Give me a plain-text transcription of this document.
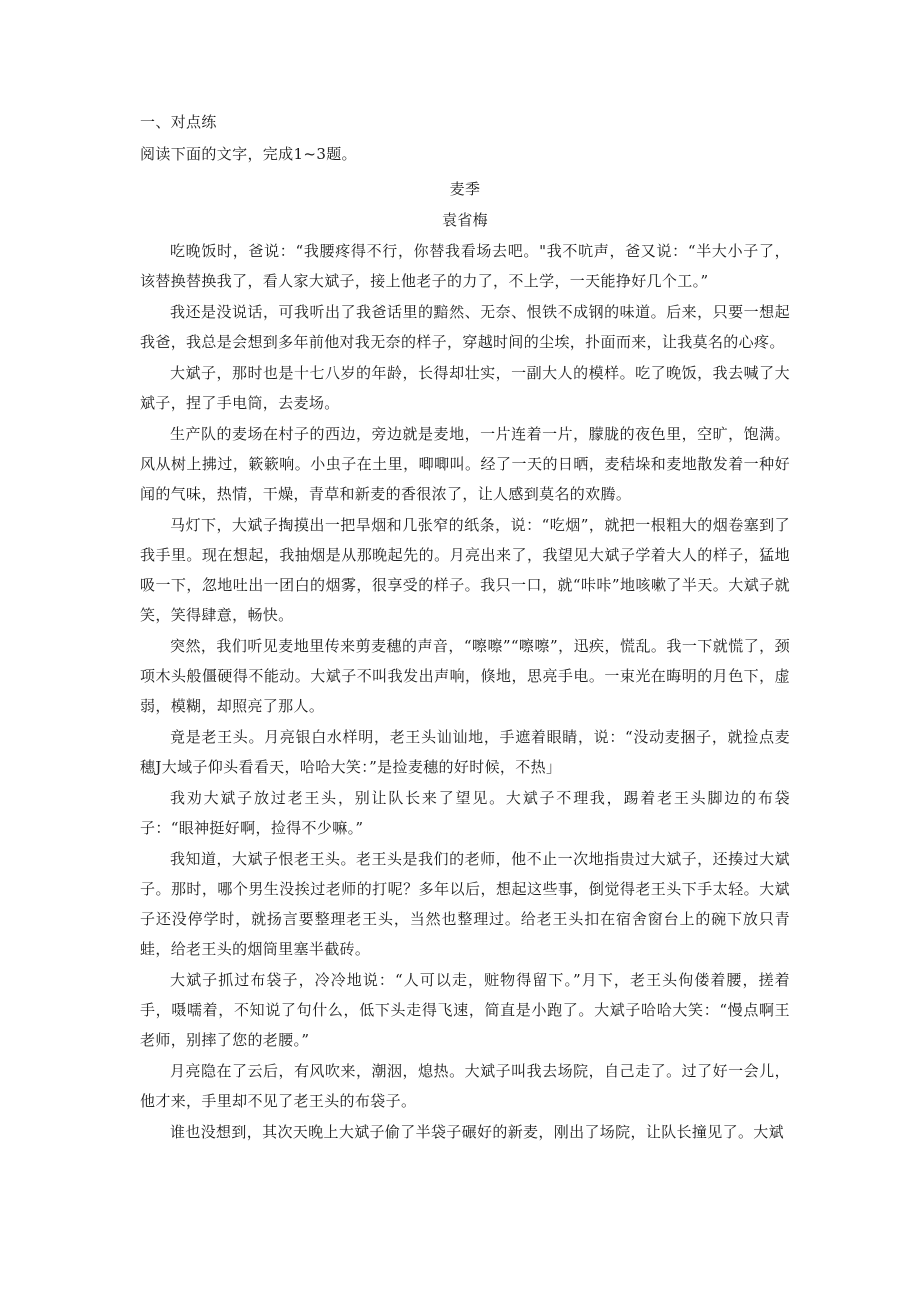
一、对点练

阅读下面的文字，完成1~3题。

麦季

袁省梅

吃晚饭时，爸说：“我腰疼得不行，你替我看场去吧。"我不吭声，爸又说：“半大小子了，该替换替换我了，看人家大斌子，接上他老子的力了，不上学，一天能挣好几个工。”

我还是没说话，可我听出了我爸话里的黯然、无奈、恨铁不成钢的味道。后来，只要一想起我爸，我总是会想到多年前他对我无奈的样子，穿越时间的尘埃，扑面而来，让我莫名的心疼。

大斌子，那时也是十七八岁的年龄，长得却壮实，一副大人的模样。吃了晚饭，我去喊了大斌子，捏了手电筒，去麦场。

生产队的麦场在村子的西边，旁边就是麦地，一片连着一片，朦胧的夜色里，空旷，饱满。风从树上拂过，簌簌响。小虫子在土里，唧唧叫。经了一天的日晒，麦秸垛和麦地散发着一种好闻的气味，热情，干燥，青草和新麦的香很浓了，让人感到莫名的欢腾。

马灯下，大斌子掏摸出一把旱烟和几张窄的纸条，说：“吃烟”，就把一根粗大的烟卷塞到了我手里。现在想起，我抽烟是从那晚起先的。月亮出来了，我望见大斌子学着大人的样子，猛地吸一下，忽地吐出一团白的烟雾，很享受的样子。我只一口，就“咔咔”地咳嗽了半天。大斌子就笑，笑得肆意，畅快。

突然，我们听见麦地里传来剪麦穗的声音，“嚓嚓”“嚓嚓”，迅疾，慌乱。我一下就慌了，颈项木头般僵硬得不能动。大斌子不叫我发出声响，倏地，思亮手电。一束光在晦明的月色下，虚弱，模糊，却照亮了那人。

竟是老王头。月亮银白水样明，老王头讪讪地，手遮着眼睛，说：“没动麦捆子，就捡点麦穗J大域子仰头看看天，哈哈大笑：”是捡麦穗的好时候，不热」

我劝大斌子放过老王头，别让队长来了望见。大斌子不理我，踢着老王头脚边的布袋子：“眼神挺好啊，捡得不少嘛。”

我知道，大斌子恨老王头。老王头是我们的老师，他不止一次地指贵过大斌子，还揍过大斌子。那时，哪个男生没挨过老师的打呢？多年以后，想起这些事，倒觉得老王头下手太轻。大斌子还没停学时，就扬言要整理老王头，当然也整理过。给老王头扣在宿舍窗台上的碗下放只青蛙，给老王头的烟筒里塞半截砖。

大斌子抓过布袋子，冷冷地说：“人可以走，赃物得留下。”月下，老王头佝偻着腰，搓着手，嗫嚅着，不知说了句什么，低下头走得飞速，简直是小跑了。大斌子哈哈大笑：“慢点啊王老师，别摔了您的老腰。”

月亮隐在了云后，有风吹来，潮洇，熄热。大斌子叫我去场院，自己走了。过了好一会儿，他才来，手里却不见了老王头的布袋子。

谁也没想到，其次天晚上大斌子偷了半袋子碾好的新麦，刚出了场院，让队长撞见了。大斌
